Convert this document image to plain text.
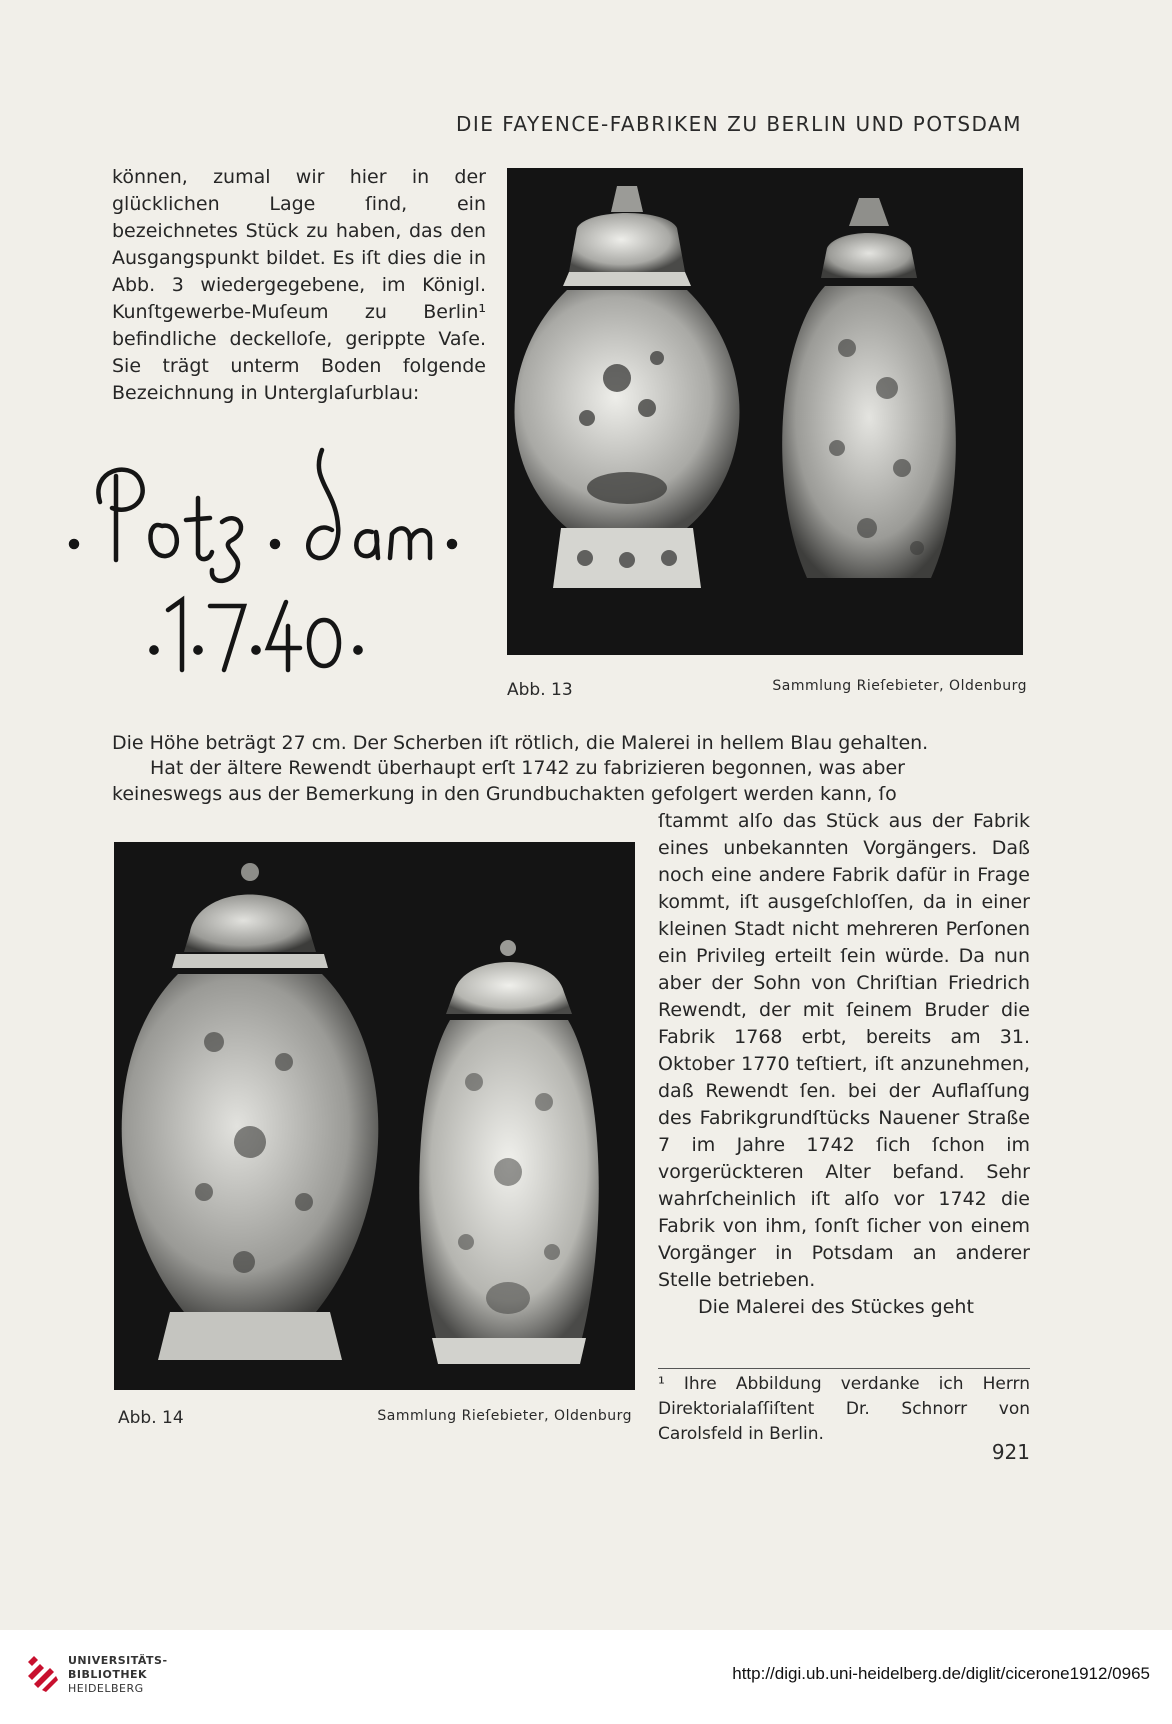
DIE FAYENCE-FABRIKEN ZU BERLIN UND POTSDAM

können, zumal wir hier in der glücklichen Lage ſind, ein bezeichnetes Stück zu haben, das den Ausgangspunkt bildet. Es iſt dies die in Abb. 3 wiedergegebene, im Königl. Kunſtgewerbe-Muſeum zu Berlin¹ befindliche deckelloſe, gerippte Vaſe. Sie trägt unterm Boden folgende Bezeichnung in Unterglaſurblau:

Abb. 13	Sammlung Rieſebieter, Oldenburg
Die Höhe beträgt 27 cm. Der Scherben iſt rötlich, die Malerei in hellem Blau gehalten.
Hat der ältere Rewendt überhaupt erſt 1742 zu fabrizieren begonnen, was aber
keineswegs aus der Bemerkung in den Grundbuchakten gefolgert werden kann, ſo
Abb. 14	Sammlung Rieſebieter, Oldenburg

ſtammt alſo das Stück aus der Fabrik eines unbekannten Vorgängers. Daß noch eine andere Fabrik dafür in Frage kommt, iſt ausgeſchloſſen, da in einer kleinen Stadt nicht mehreren Perſonen ein Privileg erteilt ſein würde. Da nun aber der Sohn von Chriſtian Friedrich Rewendt, der mit ſeinem Bruder die Fabrik 1768 erbt, bereits am 31. Oktober 1770 teſtiert, iſt anzunehmen, daß Rewendt ſen. bei der Auflaſſung des Fabrikgrundſtücks Nauener Straße 7 im Jahre 1742 ſich ſchon im vorgerückteren Alter befand. Sehr wahrſcheinlich iſt alſo vor 1742 die Fabrik von ihm, ſonſt ſicher von einem Vorgänger in Potsdam an anderer Stelle betrieben.

Die Malerei des Stückes geht

¹ Ihre Abbildung verdanke ich Herrn Direktorialaſſiſtent Dr. Schnorr von Carolsfeld in Berlin.
921
UNIVERSITÄTS-
BIBLIOTHEK
HEIDELBERG
http://digi.ub.uni-heidelberg.de/diglit/cicerone1912/0965
